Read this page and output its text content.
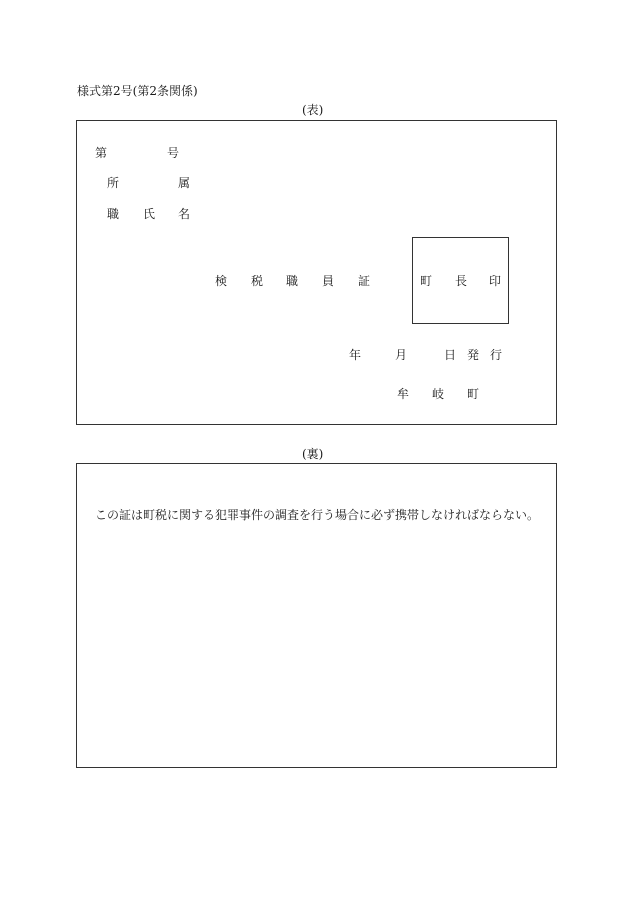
様式第2号(第2条関係)
(表)
第	号
所	属
職 氏 名
検 税 職 員 証	町 長 印
年	月	日 発 行
牟 岐 町
(裏)
この証は町税に関する犯罪事件の調査を行う場合に必ず携帯しなければならない。
